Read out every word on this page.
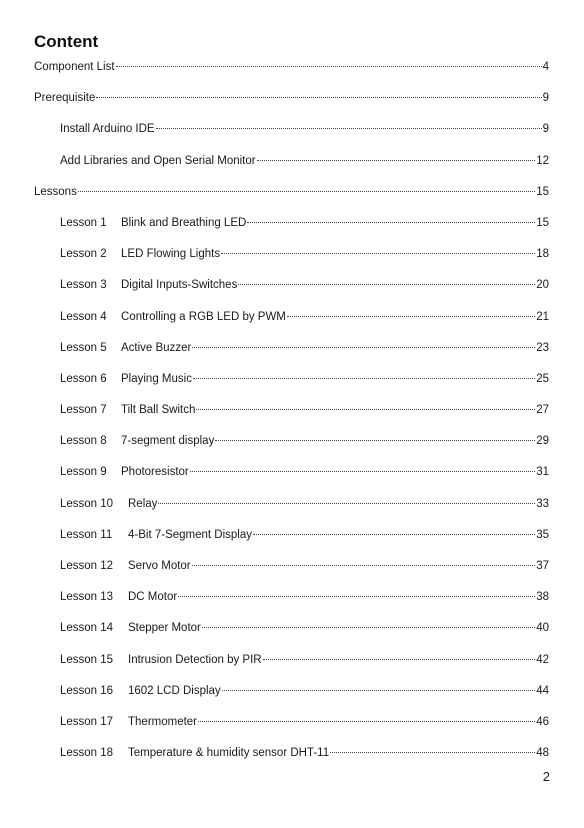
Content
Component List	4
Prerequisite	9
Install Arduino IDE	9
Add Libraries and Open Serial Monitor	12
Lessons	15
Lesson 1	Blink and Breathing LED	15
Lesson 2	LED Flowing Lights	18
Lesson 3	Digital Inputs-Switches	20
Lesson 4	Controlling a RGB LED by PWM	21
Lesson 5	Active Buzzer	23
Lesson 6	Playing Music	25
Lesson 7	Tilt Ball Switch	27
Lesson 8	7-segment display	29
Lesson 9	Photoresistor	31
Lesson 10	Relay	33
Lesson 11	4-Bit 7-Segment Display	35
Lesson 12	Servo Motor	37
Lesson 13	DC Motor	38
Lesson 14	Stepper Motor	40
Lesson 15	Intrusion Detection by PIR	42
Lesson 16	1602 LCD Display	44
Lesson 17	Thermometer	46
Lesson 18	Temperature & humidity sensor DHT-11	48
2
